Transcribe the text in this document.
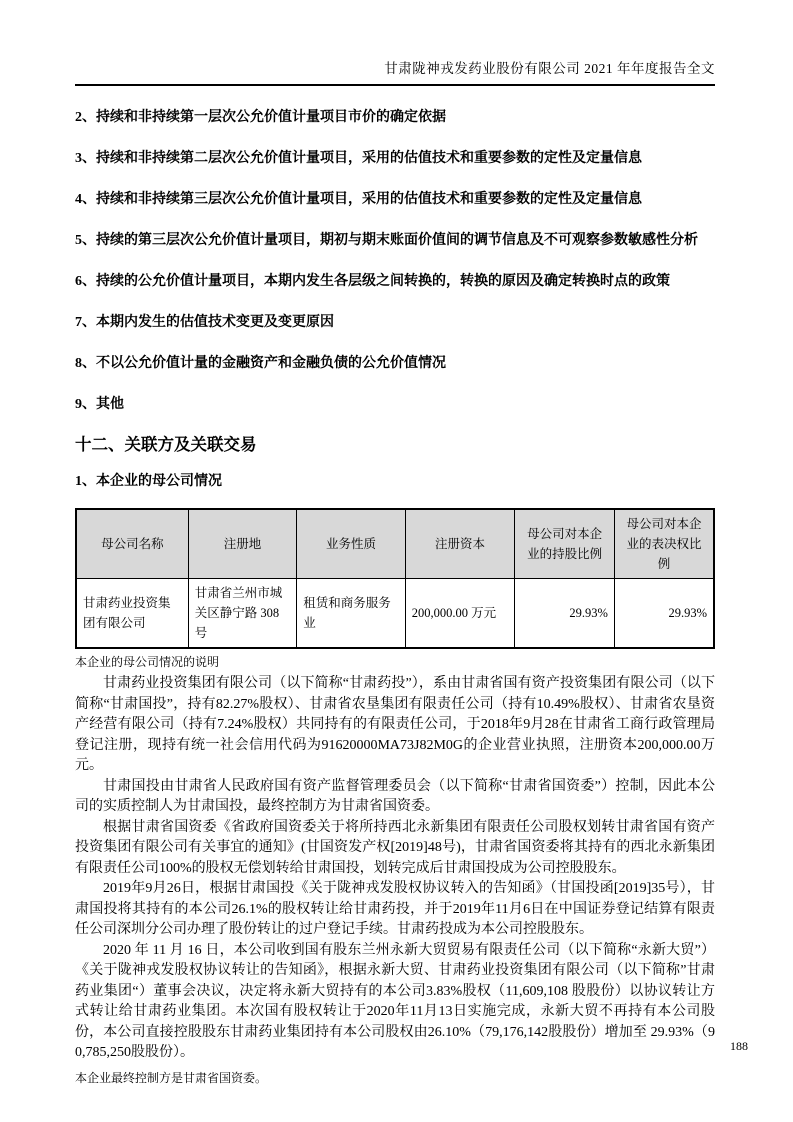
甘肃陇神戎发药业股份有限公司 2021 年年度报告全文

2、持续和非持续第一层次公允价值计量项目市价的确定依据

3、持续和非持续第二层次公允价值计量项目，采用的估值技术和重要参数的定性及定量信息

4、持续和非持续第三层次公允价值计量项目，采用的估值技术和重要参数的定性及定量信息

5、持续的第三层次公允价值计量项目，期初与期末账面价值间的调节信息及不可观察参数敏感性分析

6、持续的公允价值计量项目，本期内发生各层级之间转换的，转换的原因及确定转换时点的政策

7、本期内发生的估值技术变更及变更原因

8、不以公允价值计量的金融资产和金融负债的公允价值情况

9、其他

十二、关联方及关联交易
1、本企业的母公司情况
母公司名称	注册地	业务性质	注册资本	母公司对本企业的持股比例	母公司对本企业的表决权比例
甘肃药业投资集团有限公司	甘肃省兰州市城关区静宁路 308 号	租赁和商务服务业	200,000.00 万元	29.93%	29.93%

本企业的母公司情况的说明

甘肃药业投资集团有限公司（以下简称“甘肃药投”），系由甘肃省国有资产投资集团有限公司（以下简称“甘肃国投”，持有82.27%股权）、甘肃省农垦集团有限责任公司（持有10.49%股权）、甘肃省农垦资产经营有限公司（持有7.24%股权）共同持有的有限责任公司，于2018年9月28在甘肃省工商行政管理局登记注册，现持有统一社会信用代码为91620000MA73J82M0G的企业营业执照，注册资本200,000.00万元。

甘肃国投由甘肃省人民政府国有资产监督管理委员会（以下简称“甘肃省国资委”）控制，因此本公司的实质控制人为甘肃国投，最终控制方为甘肃省国资委。

根据甘肃省国资委《省政府国资委关于将所持西北永新集团有限责任公司股权划转甘肃省国有资产投资集团有限公司有关事宜的通知》(甘国资发产权[2019]48号)，甘肃省国资委将其持有的西北永新集团有限责任公司100%的股权无偿划转给甘肃国投，划转完成后甘肃国投成为公司控股股东。

2019年9月26日，根据甘肃国投《关于陇神戎发股权协议转入的告知函》（甘国投函[2019]35号），甘肃国投将其持有的本公司26.1%的股权转让给甘肃药投，并于2019年11月6日在中国证券登记结算有限责任公司深圳分公司办理了股份转让的过户登记手续。甘肃药投成为本公司控股股东。

2020 年 11 月 16 日，本公司收到国有股东兰州永新大贸贸易有限责任公司（以下简称“永新大贸”）《关于陇神戎发股权协议转让的告知函》，根据永新大贸、甘肃药业投资集团有限公司（以下简称”甘肃药业集团“）董事会决议，决定将永新大贸持有的本公司3.83%股权（11,609,108 股股份）以协议转让方式转让给甘肃药业集团。本次国有股权转让于2020年11月13日实施完成，永新大贸不再持有本公司股份，本公司直接控股股东甘肃药业集团持有本公司股权由26.10%（79,176,142股股份）增加至 29.93%（90,785,250股股份）。

本企业最终控制方是甘肃省国资委。

188
